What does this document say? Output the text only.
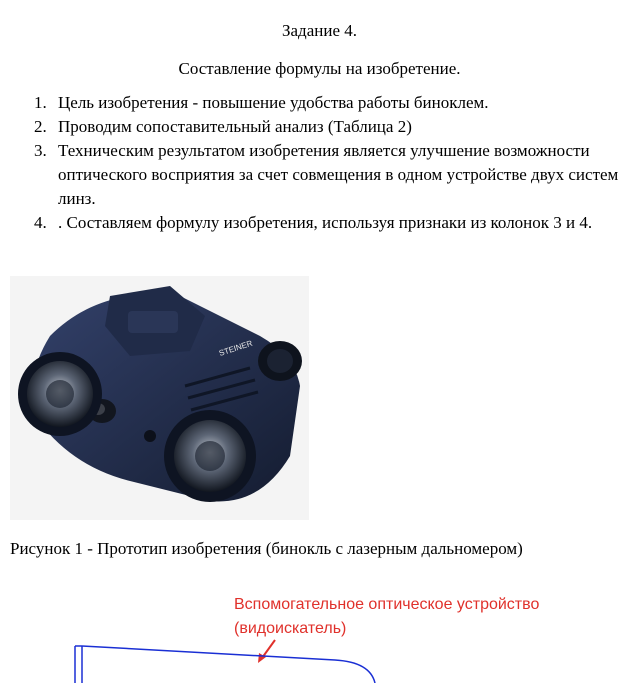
Задание 4.
Составление формулы на изобретение.
1. Цель изобретения - повышение удобства работы биноклем.
2. Проводим сопоставительный анализ (Таблица 2)
3. Техническим результатом изобретения является улучшение возможности оптического восприятия за счет совмещения в одном устройстве двух систем линз.
4. . Составляем формулу изобретения, используя признаки из колонок 3 и 4.
STEINER
Рисунок 1 - Прототип изобретения (бинокль с лазерным дальномером)
Вспомогательное оптическое устройство
(видоискатель)
